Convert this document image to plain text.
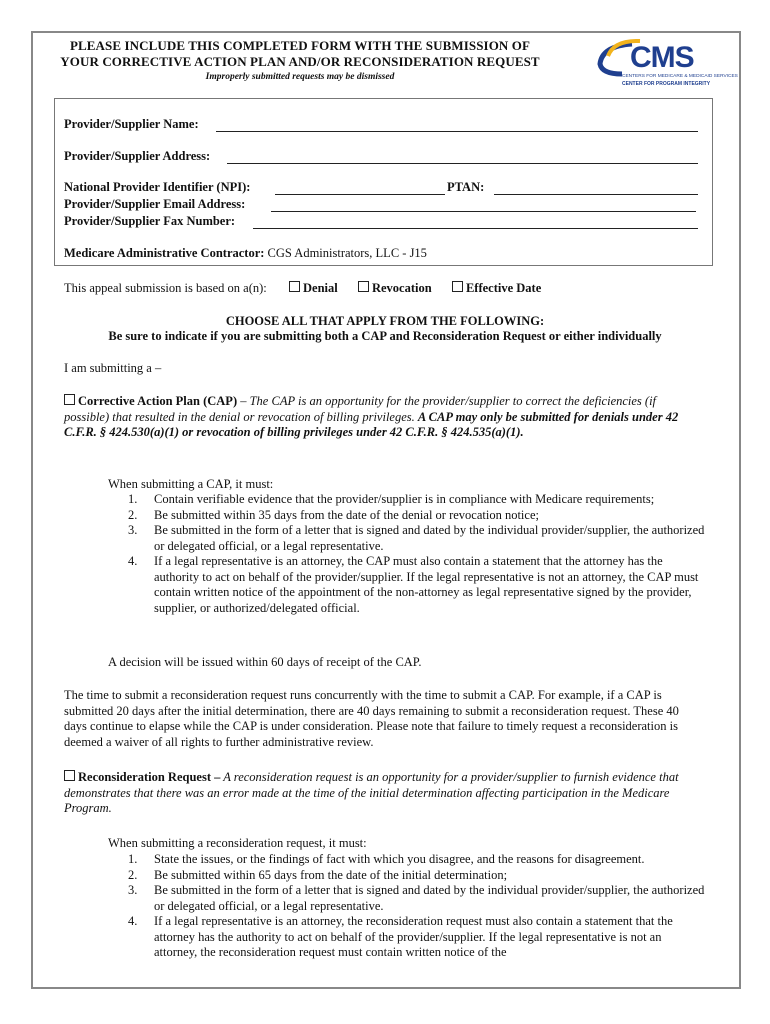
PLEASE INCLUDE THIS COMPLETED FORM WITH THE SUBMISSION OF
YOUR CORRECTIVE ACTION PLAN AND/OR RECONSIDERATION REQUEST
Improperly submitted requests may be dismissed
CMS
CENTERS FOR MEDICARE & MEDICAID SERVICES
CENTER FOR PROGRAM INTEGRITY
Provider/Supplier Name:
Provider/Supplier Address:
National Provider Identifier (NPI):	PTAN:
Provider/Supplier Email Address:
Provider/Supplier Fax Number:
Medicare Administrative Contractor: CGS Administrators, LLC - J15
This appeal submission is based on a(n):	Denial	Revocation	Effective Date
CHOOSE ALL THAT APPLY FROM THE FOLLOWING:
Be sure to indicate if you are submitting both a CAP and Reconsideration Request or either individually
I am submitting a –
Corrective Action Plan (CAP) – The CAP is an opportunity for the provider/supplier to correct the deficiencies (if possible) that resulted in the denial or revocation of billing privileges. A CAP may only be submitted for denials under 42 C.F.R. § 424.530(a)(1) or revocation of billing privileges under 42 C.F.R. § 424.535(a)(1).
When submitting a CAP, it must:
1. Contain verifiable evidence that the provider/supplier is in compliance with Medicare requirements;
2. Be submitted within 35 days from the date of the denial or revocation notice;
3. Be submitted in the form of a letter that is signed and dated by the individual provider/supplier, the authorized or delegated official, or a legal representative.
4. If a legal representative is an attorney, the CAP must also contain a statement that the attorney has the authority to act on behalf of the provider/supplier. If the legal representative is not an attorney, the CAP must contain written notice of the appointment of the non-attorney as legal representative signed by the provider, supplier, or authorized/delegated official.
A decision will be issued within 60 days of receipt of the CAP.
The time to submit a reconsideration request runs concurrently with the time to submit a CAP. For example, if a CAP is submitted 20 days after the initial determination, there are 40 days remaining to submit a reconsideration request. These 40 days continue to elapse while the CAP is under consideration. Please note that failure to timely request a reconsideration is deemed a waiver of all rights to further administrative review.
Reconsideration Request – A reconsideration request is an opportunity for a provider/supplier to furnish evidence that demonstrates that there was an error made at the time of the initial determination affecting participation in the Medicare Program.
When submitting a reconsideration request, it must:
1. State the issues, or the findings of fact with which you disagree, and the reasons for disagreement.
2. Be submitted within 65 days from the date of the initial determination;
3. Be submitted in the form of a letter that is signed and dated by the individual provider/supplier, the authorized or delegated official, or a legal representative.
4. If a legal representative is an attorney, the reconsideration request must also contain a statement that the attorney has the authority to act on behalf of the provider/supplier. If the legal representative is not an attorney, the reconsideration request must contain written notice of the
